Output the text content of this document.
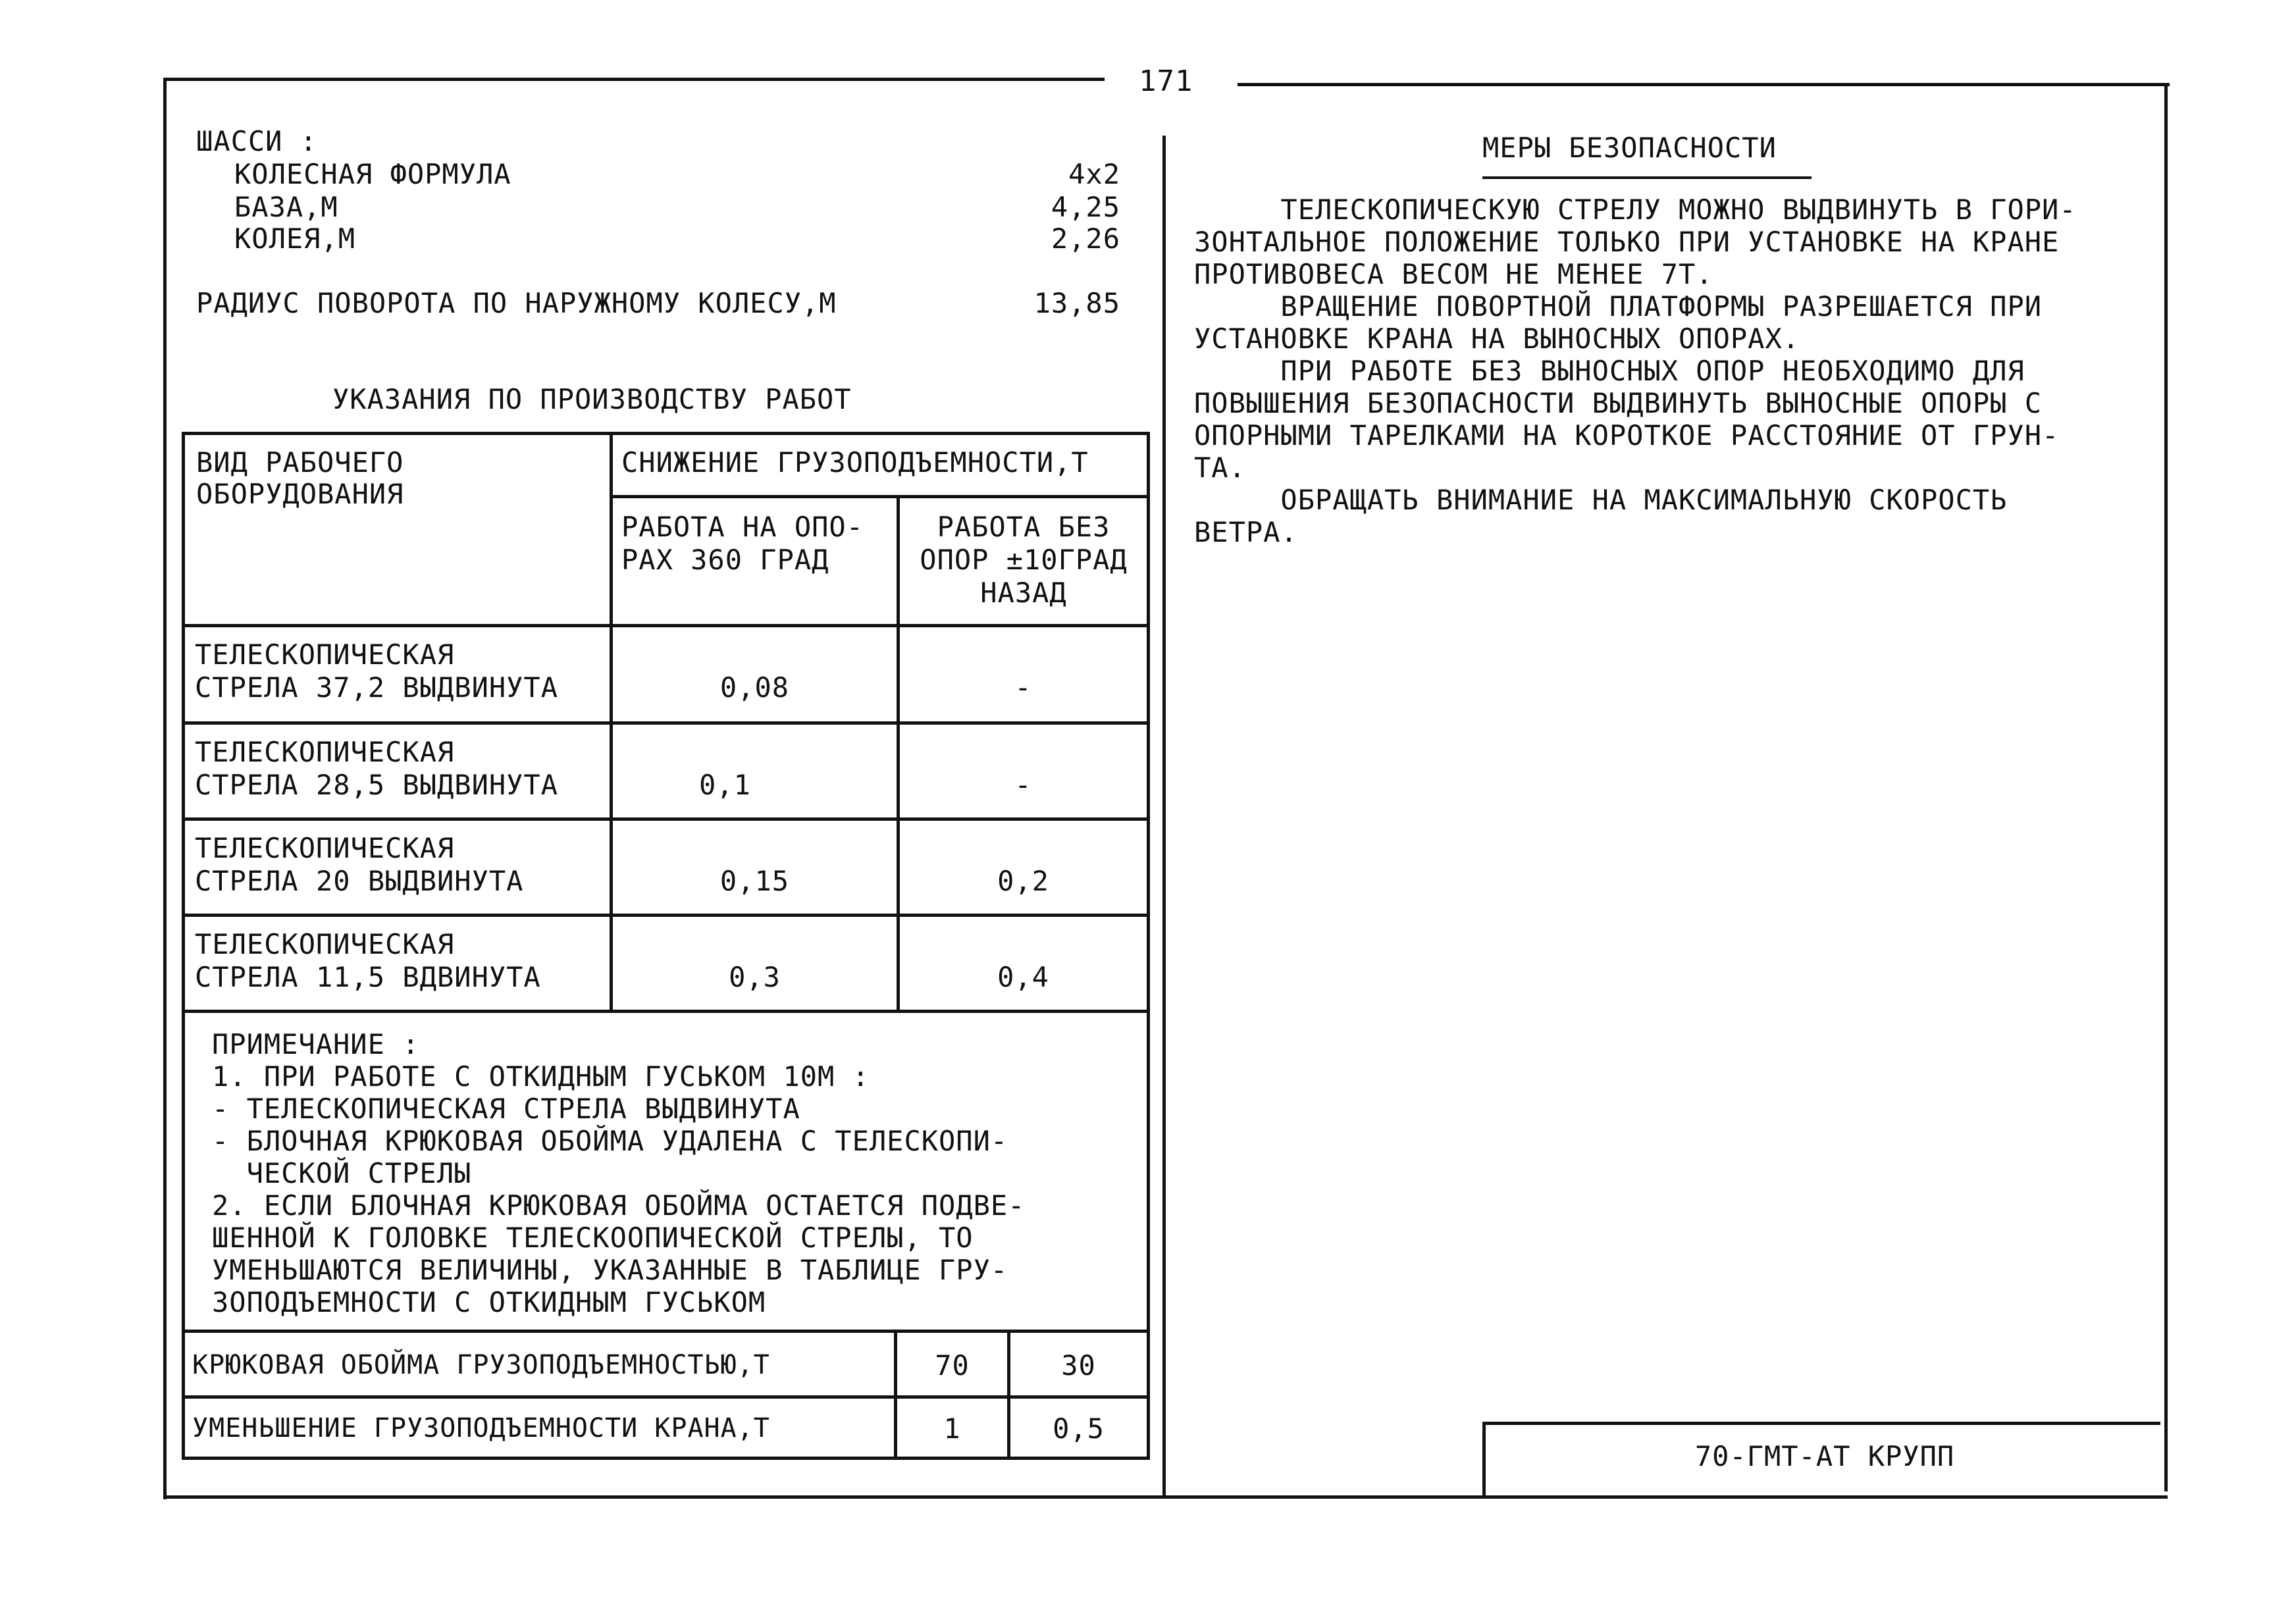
171
ШАССИ :
КОЛЕСНАЯ ФОРМУЛА	4x2
БАЗА,М	4,25
КОЛЕЯ,М	2,26
РАДИУС ПОВОРОТА ПО НАРУЖНОМУ КОЛЕСУ,М	13,85
УКАЗАНИЯ ПО ПРОИЗВОДСТВУ РАБОТ
ВИД РАБОЧЕГО
ОБОРУДОВАНИЯ
СНИЖЕНИЕ ГРУЗОПОДЪЕМНОСТИ,Т
РАБОТА НА ОПО-
РАХ 360 ГРАД
РАБОТА БЕЗ
ОПОР ±10ГРАД
НАЗАД
ТЕЛЕСКОПИЧЕСКАЯ
СТРЕЛА 37,2 ВЫДВИНУТА	0,08	-
ТЕЛЕСКОПИЧЕСКАЯ
СТРЕЛА 28,5 ВЫДВИНУТА	0,1	-
ТЕЛЕСКОПИЧЕСКАЯ
СТРЕЛА 20 ВЫДВИНУТА	0,15	0,2
ТЕЛЕСКОПИЧЕСКАЯ
СТРЕЛА 11,5 ВДВИНУТА	0,3	0,4
ПРИМЕЧАНИЕ :
1. ПРИ РАБОТЕ С ОТКИДНЫМ ГУСЬКОМ 10М :
- ТЕЛЕСКОПИЧЕСКАЯ СТРЕЛА ВЫДВИНУТА
- БЛОЧНАЯ КРЮКОВАЯ ОБОЙМА УДАЛЕНА С ТЕЛЕСКОПИ-
ЧЕСКОЙ СТРЕЛЫ
2. ЕСЛИ БЛОЧНАЯ КРЮКОВАЯ ОБОЙМА ОСТАЕТСЯ ПОДВЕ-
ШЕННОЙ К ГОЛОВКЕ ТЕЛЕСКООПИЧЕСКОЙ СТРЕЛЫ, ТО
УМЕНЬШАЮТСЯ ВЕЛИЧИНЫ, УКАЗАННЫЕ В ТАБЛИЦЕ ГРУ-
ЗОПОДЪЕМНОСТИ С ОТКИДНЫМ ГУСЬКОМ
КРЮКОВАЯ ОБОЙМА ГРУЗОПОДЪЕМНОСТЬЮ,Т	70	30
УМЕНЬШЕНИЕ ГРУЗОПОДЪЕМНОСТИ КРАНА,Т	1	0,5
МЕРЫ БЕЗОПАСНОСТИ
ТЕЛЕСКОПИЧЕСКУЮ СТРЕЛУ МОЖНО ВЫДВИНУТЬ В ГОРИ-
ЗОНТАЛЬНОЕ ПОЛОЖЕНИЕ ТОЛЬКО ПРИ УСТАНОВКЕ НА КРАНЕ
ПРОТИВОВЕСА ВЕСОМ НЕ МЕНЕЕ 7Т.
ВРАЩЕНИЕ ПОВОРТНОЙ ПЛАТФОРМЫ РАЗРЕШАЕТСЯ ПРИ
УСТАНОВКЕ КРАНА НА ВЫНОСНЫХ ОПОРАХ.
ПРИ РАБОТЕ БЕЗ ВЫНОСНЫХ ОПОР НЕОБХОДИМО ДЛЯ
ПОВЫШЕНИЯ БЕЗОПАСНОСТИ ВЫДВИНУТЬ ВЫНОСНЫЕ ОПОРЫ С
ОПОРНЫМИ ТАРЕЛКАМИ НА КОРОТКОЕ РАССТОЯНИЕ ОТ ГРУН-
ТА.
ОБРАЩАТЬ ВНИМАНИЕ НА МАКСИМАЛЬНУЮ СКОРОСТЬ
ВЕТРА.
70-ГМТ-АТ КРУПП
